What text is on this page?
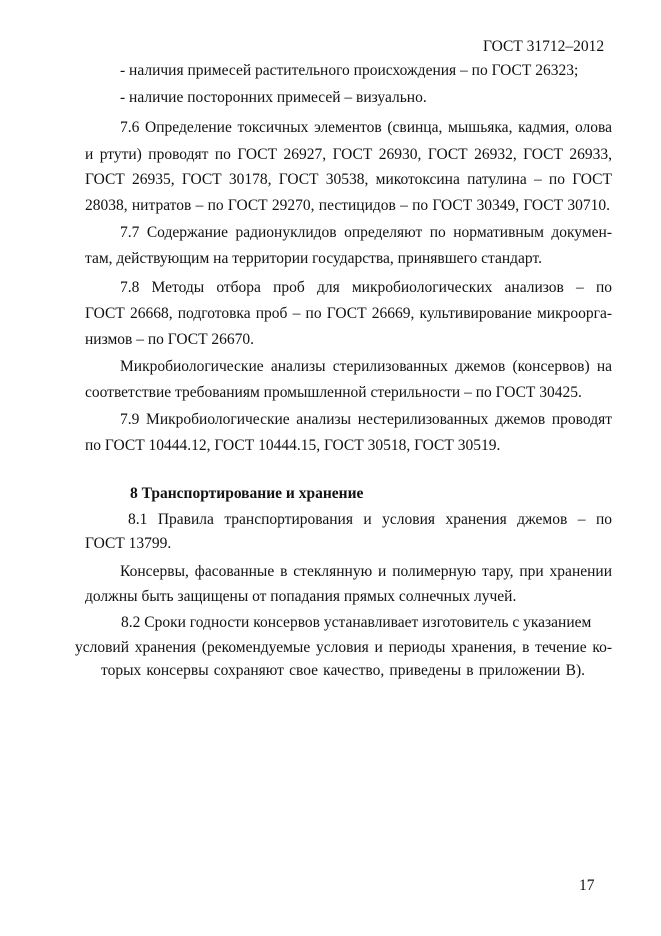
ГОСТ 31712–2012
- наличия примесей растительного происхождения – по ГОСТ 26323;
- наличие посторонних примесей – визуально.
7.6 Определение токсичных элементов (свинца, мышьяка, кадмия, олова
и ртути) проводят по ГОСТ 26927, ГОСТ 26930, ГОСТ 26932, ГОСТ 26933,
ГОСТ 26935, ГОСТ 30178, ГОСТ 30538, микотоксина патулина – по ГОСТ
28038, нитратов – по ГОСТ 29270, пестицидов – по ГОСТ 30349, ГОСТ 30710.
7.7 Содержание радионуклидов определяют по нормативным докумен-
там, действующим на территории государства, принявшего стандарт.
7.8 Методы отбора проб для микробиологических анализов – по
ГОСТ 26668, подготовка проб – по ГОСТ 26669, культивирование микроорга-
низмов – по ГОСТ 26670.
Микробиологические анализы стерилизованных джемов (консервов) на
соответствие требованиям промышленной стерильности – по ГОСТ 30425.
7.9 Микробиологические анализы нестерилизованных джемов проводят
по ГОСТ 10444.12, ГОСТ 10444.15, ГОСТ 30518, ГОСТ 30519.
8 Транспортирование и хранение
8.1 Правила транспортирования и условия хранения джемов – по
ГОСТ 13799.
Консервы, фасованные в стеклянную и полимерную тару, при хранении
должны быть защищены от попадания прямых солнечных лучей.
8.2 Сроки годности консервов устанавливает изготовитель с указанием
условий хранения (рекомендуемые условия и периоды хранения, в течение ко-
торых консервы сохраняют свое качество, приведены в приложении В).
17
